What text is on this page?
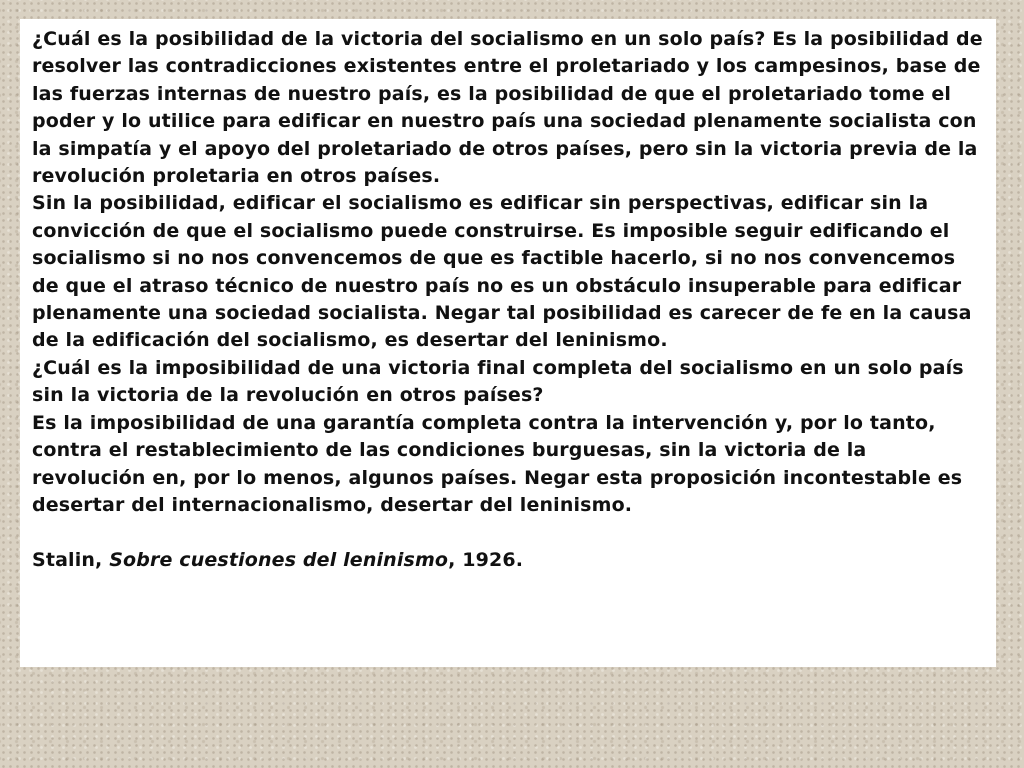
¿Cuál es la posibilidad de la victoria del socialismo en un solo país? Es la posibilidad de resolver las contradicciones existentes entre el proletariado y los campesinos, base de las fuerzas internas de nuestro país, es la posibilidad de que el proletariado tome el poder y lo utilice para edificar en nuestro país una sociedad plenamente socialista con la simpatía y el apoyo del proletariado de otros países, pero sin la victoria previa de la revolución proletaria en otros países.

Sin la posibilidad, edificar el socialismo es edificar sin perspectivas, edificar sin la convicción de que el socialismo puede construirse. Es imposible seguir edificando el socialismo si no nos convencemos de que es factible hacerlo, si no nos convencemos de que el atraso técnico de nuestro país no es un obstáculo insuperable para edificar plenamente una sociedad socialista. Negar tal posibilidad es carecer de fe en la causa de la edificación del socialismo, es desertar del leninismo.

¿Cuál es la imposibilidad de una victoria final completa del socialismo en un solo país sin la victoria de la revolución en otros países?

Es la imposibilidad de una garantía completa contra la intervención y, por lo tanto, contra el restablecimiento de las condiciones burguesas, sin la victoria de la revolución en, por lo menos, algunos países. Negar esta proposición incontestable es desertar del internacionalismo, desertar del leninismo.

Stalin, Sobre cuestiones del leninismo, 1926.
